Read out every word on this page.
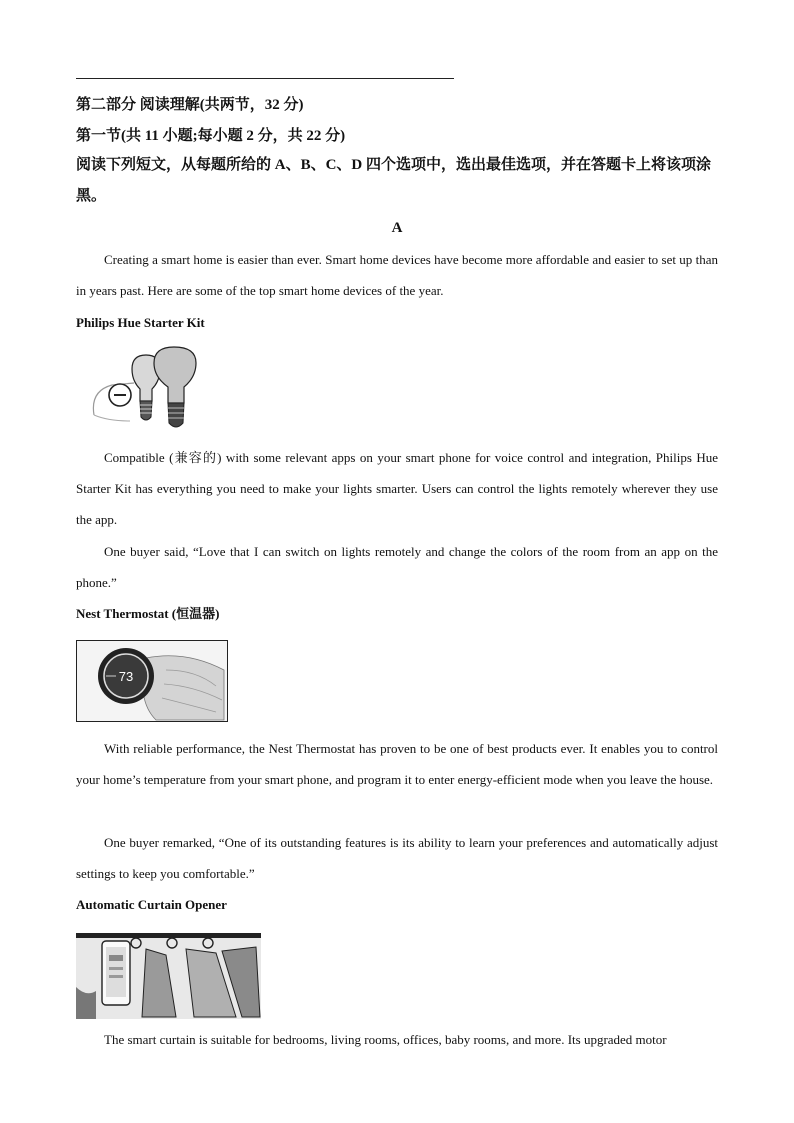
第二部分 阅读理解(共两节，32 分)
第一节(共 11 小题;每小题 2 分，共 22 分)
阅读下列短文，从每题所给的 A、B、C、D 四个选项中，选出最佳选项，并在答题卡上将该项涂黑。
A
Creating a smart home is easier than ever. Smart home devices have become more affordable and easier to set up than in years past. Here are some of the top smart home devices of the year.
Philips Hue Starter Kit
Compatible (兼容的) with some relevant apps on your smart phone for voice control and integration, Philips Hue Starter Kit has everything you need to make your lights smarter. Users can control the lights remotely wherever they use the app.
One buyer said, “Love that I can switch on lights remotely and change the colors of the room from an app on the phone.”
Nest Thermostat (恒温器)
73
With reliable performance, the Nest Thermostat has proven to be one of best products ever. It enables you to control your home’s temperature from your smart phone, and program it to enter energy-efficient mode when you leave the house.
One buyer remarked, “One of its outstanding features is its ability to learn your preferences and automatically adjust settings to keep you comfortable.”
Automatic Curtain Opener
The smart curtain is suitable for bedrooms, living rooms, offices, baby rooms, and more. Its upgraded motor
